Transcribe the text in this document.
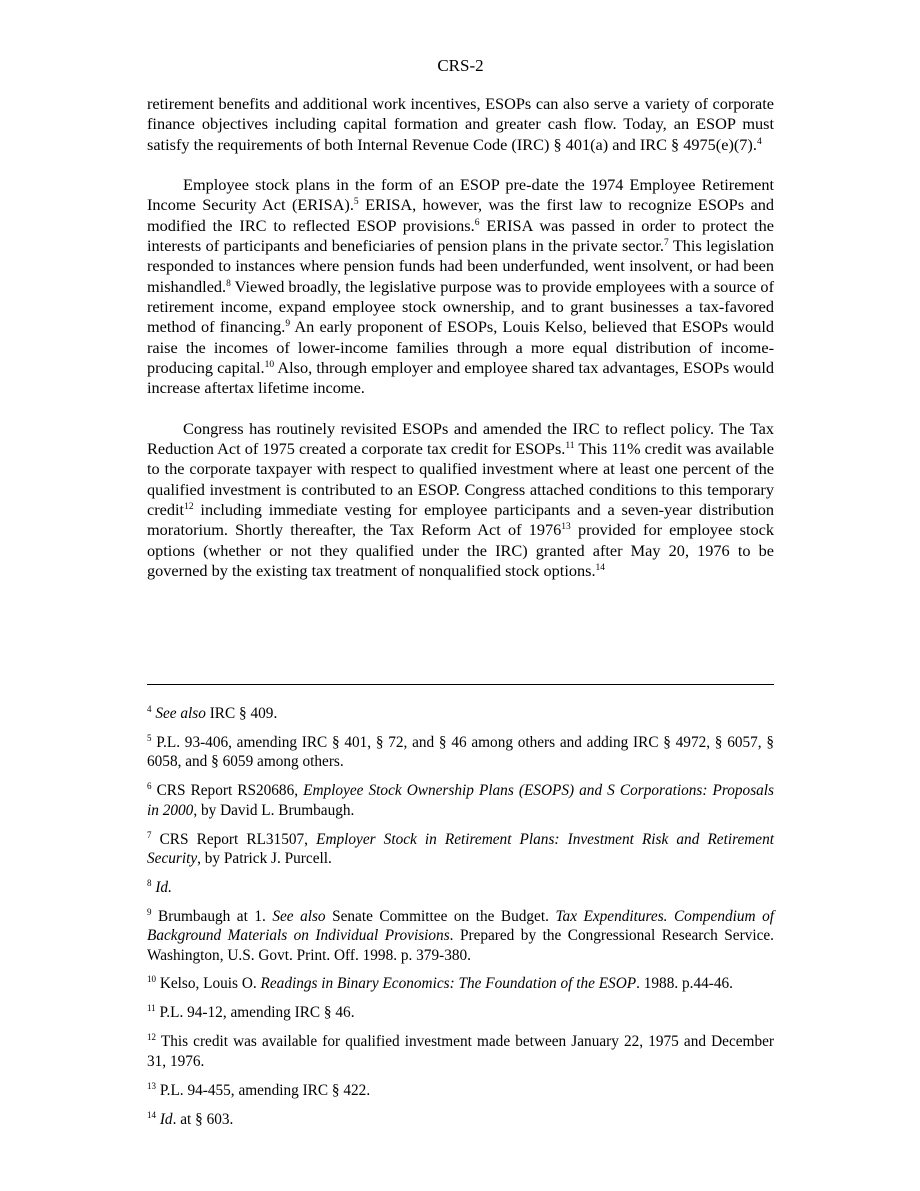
CRS-2

retirement benefits and additional work incentives, ESOPs can also serve a variety of corporate finance objectives including capital formation and greater cash flow. Today, an ESOP must satisfy the requirements of both Internal Revenue Code (IRC) § 401(a) and IRC § 4975(e)(7).$^4$

Employee stock plans in the form of an ESOP pre-date the 1974 Employee Retirement Income Security Act (ERISA).$^5$ ERISA, however, was the first law to recognize ESOPs and modified the IRC to reflected ESOP provisions.$^6$ ERISA was passed in order to protect the interests of participants and beneficiaries of pension plans in the private sector.$^7$ This legislation responded to instances where pension funds had been underfunded, went insolvent, or had been mishandled.$^8$ Viewed broadly, the legislative purpose was to provide employees with a source of retirement income, expand employee stock ownership, and to grant businesses a tax-favored method of financing.$^9$ An early proponent of ESOPs, Louis Kelso, believed that ESOPs would raise the incomes of lower-income families through a more equal distribution of income-producing capital.$^{10}$ Also, through employer and employee shared tax advantages, ESOPs would increase aftertax lifetime income.

Congress has routinely revisited ESOPs and amended the IRC to reflect policy. The Tax Reduction Act of 1975 created a corporate tax credit for ESOPs.$^{11}$ This 11% credit was available to the corporate taxpayer with respect to qualified investment where at least one percent of the qualified investment is contributed to an ESOP. Congress attached conditions to this temporary credit$^{12}$ including immediate vesting for employee participants and a seven-year distribution moratorium. Shortly thereafter, the Tax Reform Act of 1976$^{13}$ provided for employee stock options (whether or not they qualified under the IRC) granted after May 20, 1976 to be governed by the existing tax treatment of nonqualified stock options.$^{14}$

$^4$ See also IRC § 409.

$^5$ P.L. 93-406, amending IRC § 401, § 72, and § 46 among others and adding IRC § 4972, § 6057, § 6058, and § 6059 among others.

$^6$ CRS Report RS20686, Employee Stock Ownership Plans (ESOPS) and S Corporations: Proposals in 2000, by David L. Brumbaugh.

$^7$ CRS Report RL31507, Employer Stock in Retirement Plans: Investment Risk and Retirement Security, by Patrick J. Purcell.

$^8$ Id.

$^9$ Brumbaugh at 1. See also Senate Committee on the Budget. Tax Expenditures. Compendium of Background Materials on Individual Provisions. Prepared by the Congressional Research Service. Washington, U.S. Govt. Print. Off. 1998. p. 379-380.

$^{10}$ Kelso, Louis O. Readings in Binary Economics: The Foundation of the ESOP. 1988. p.44-46.

$^{11}$ P.L. 94-12, amending IRC § 46.

$^{12}$ This credit was available for qualified investment made between January 22, 1975 and December 31, 1976.

$^{13}$ P.L. 94-455, amending IRC § 422.

$^{14}$ Id. at § 603.
